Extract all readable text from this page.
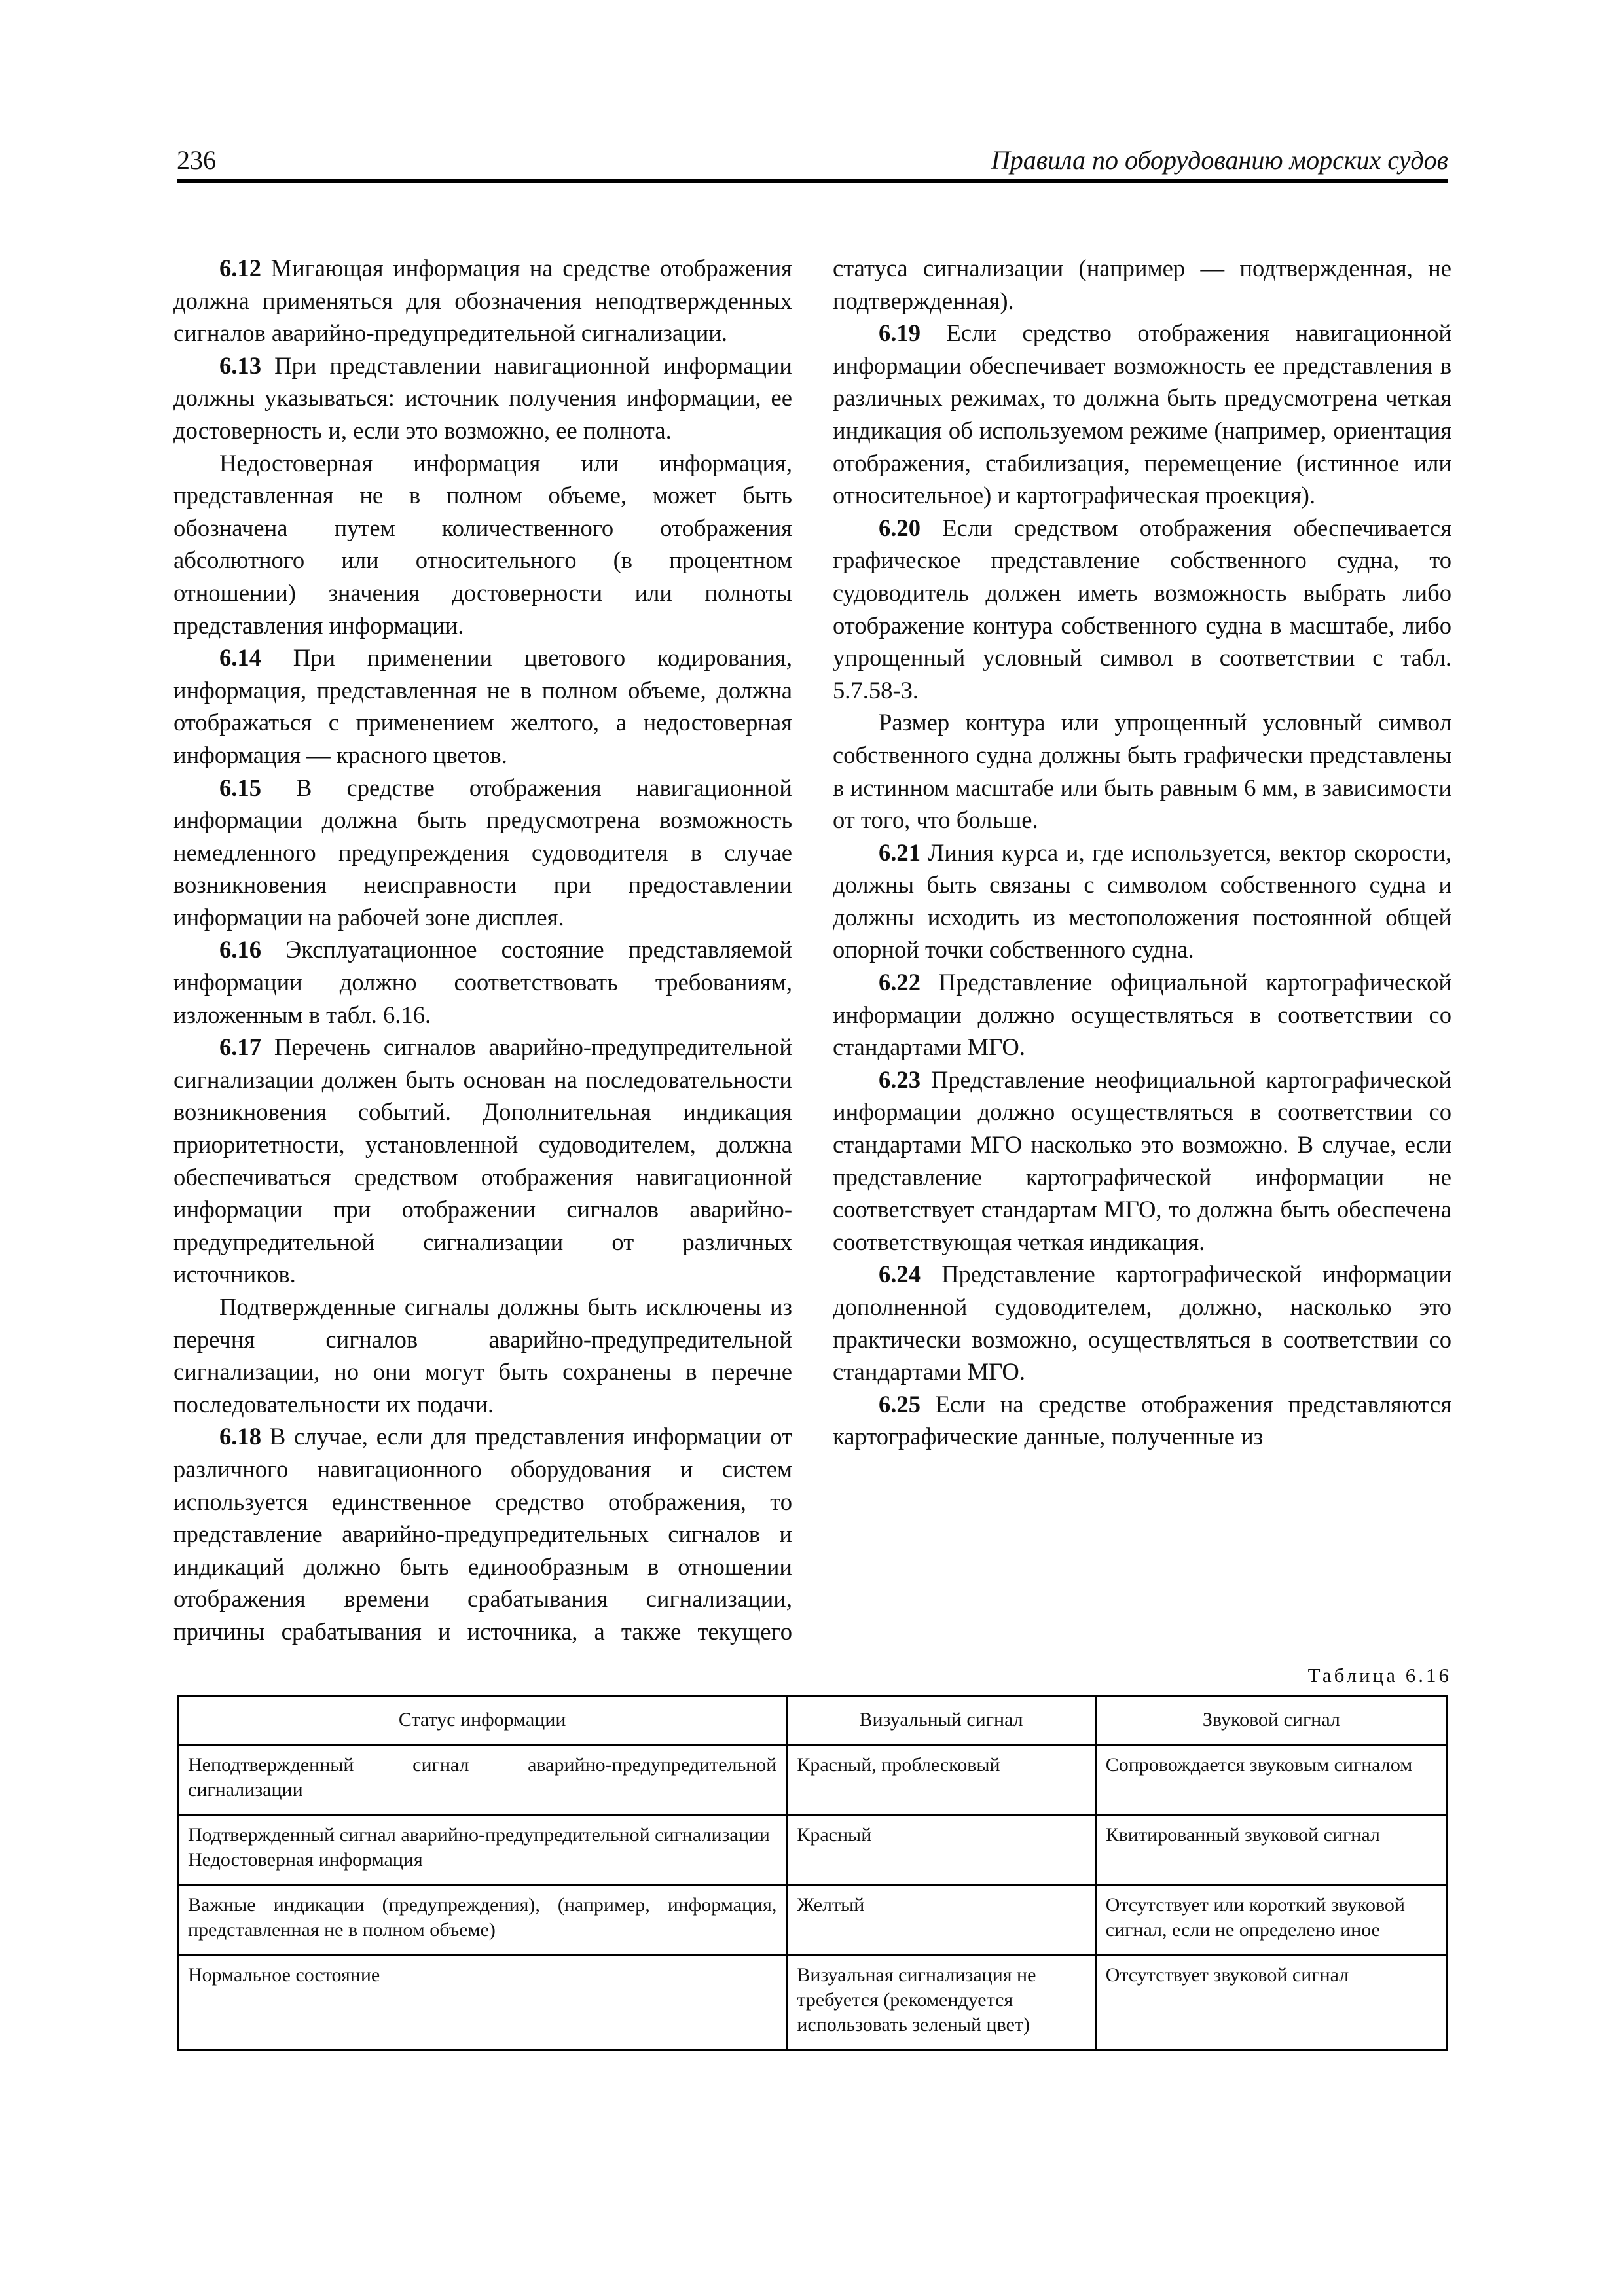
236	Правила по оборудованию морских судов

6.12 Мигающая информация на средстве отображения должна применяться для обозначения неподтвержденных сигналов аварийно-предупредительной сигнализации.

6.13 При представлении навигационной информации должны указываться: источник получения информации, ее достоверность и, если это возможно, ее полнота.

Недостоверная информация или информация, представленная не в полном объеме, может быть обозначена путем количественного отображения абсолютного или относительного (в процентном отношении) значения достоверности или полноты представления информации.

6.14 При применении цветового кодирования, информация, представленная не в полном объеме, должна отображаться с применением желтого, а недостоверная информация — красного цветов.

6.15 В средстве отображения навигационной информации должна быть предусмотрена возможность немедленного предупреждения судоводителя в случае возникновения неисправности при предоставлении информации на рабочей зоне дисплея.

6.16 Эксплуатационное состояние представляемой информации должно соответствовать требованиям, изложенным в табл. 6.16.

6.17 Перечень сигналов аварийно-предупредительной сигнализации должен быть основан на последовательности возникновения событий. Дополнительная индикация приоритетности, установленной судоводителем, должна обеспечиваться средством отображения навигационной информации при отображении сигналов аварийно-предупредительной сигнализации от различных источников.

Подтвержденные сигналы должны быть исключены из перечня сигналов аварийно-предупредительной сигнализации, но они могут быть сохранены в перечне последовательности их подачи.

6.18 В случае, если для представления информации от различного навигационного оборудования и систем используется единственное средство отображения, то представление аварийно-предупредительных сигналов и индикаций должно быть единообразным в отношении отображения времени срабатывания сигнализации, причины срабатывания и источника, а также текущего статуса сигнализации (например — подтвержденная, не подтвержденная).

6.19 Если средство отображения навигационной информации обеспечивает возможность ее представления в различных режимах, то должна быть предусмотрена четкая индикация об используемом режиме (например, ориентация отображения, стабилизация, перемещение (истинное или относительное) и картографическая проекция).

6.20 Если средством отображения обеспечивается графическое представление собственного судна, то судоводитель должен иметь возможность выбрать либо отображение контура собственного судна в масштабе, либо упрощенный условный символ в соответствии с табл. 5.7.58-3.

Размер контура или упрощенный условный символ собственного судна должны быть графически представлены в истинном масштабе или быть равным 6 мм, в зависимости от того, что больше.

6.21 Линия курса и, где используется, вектор скорости, должны быть связаны с символом собственного судна и должны исходить из местоположения постоянной общей опорной точки собственного судна.

6.22 Представление официальной картографической информации должно осуществляться в соответствии со стандартами МГО.

6.23 Представление неофициальной картографической информации должно осуществляться в соответствии со стандартами МГО насколько это возможно. В случае, если представление картографической информации не соответствует стандартам МГО, то должна быть обеспечена соответствующая четкая индикация.

6.24 Представление картографической информации дополненной судоводителем, должно, насколько это практически возможно, осуществляться в соответствии со стандартами МГО.

6.25 Если на средстве отображения представляются картографические данные, полученные из

Таблица 6.16
Статус информации	Визуальный сигнал	Звуковой сигнал

Неподтвержденный сигнал аварийно-предупредительной сигнализации	Красный, проблесковый	Сопровождается звуковым сигналом

Подтвержденный сигнал аварийно-предупредительной сигнализации
Недостоверная информация	Красный	Квитированный звуковой сигнал

Важные индикации (предупреждения), (например, информация, представленная не в полном объеме)	Желтый	Отсутствует или короткий звуковой сигнал, если не определено иное

Нормальное состояние	Визуальная сигнализация не требуется (рекомендуется использовать зеленый цвет)	Отсутствует звуковой сигнал
